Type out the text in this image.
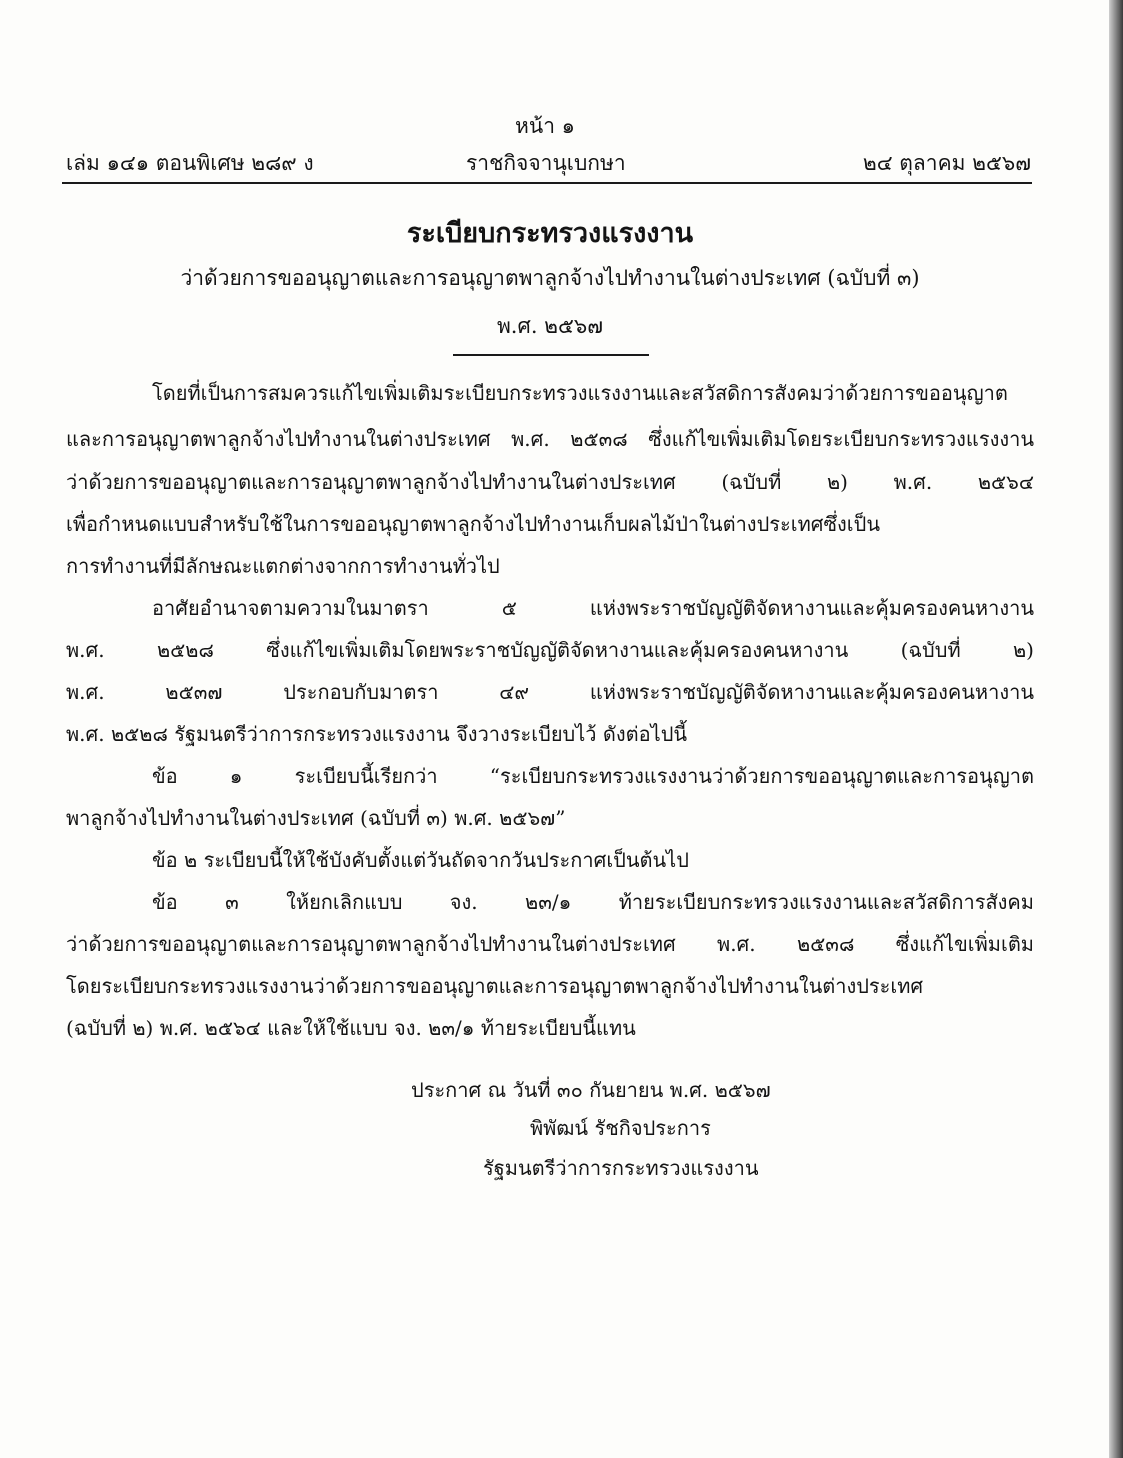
หน้า ๑
เล่ม ๑๔๑ ตอนพิเศษ ๒๘๙ ง	ราชกิจจานุเบกษา	๒๔ ตุลาคม ๒๕๖๗
ระเบียบกระทรวงแรงงาน
ว่าด้วยการขออนุญาตและการอนุญาตพาลูกจ้างไปทำงานในต่างประเทศ (ฉบับที่ ๓)
พ.ศ. ๒๕๖๗
โดยที่เป็นการสมควรแก้ไขเพิ่มเติมระเบียบกระทรวงแรงงานและสวัสดิการสังคมว่าด้วยการขออนุญาต
และการอนุญาตพาลูกจ้างไปทำงานในต่างประเทศ พ.ศ. ๒๕๓๘ ซึ่งแก้ไขเพิ่มเติมโดยระเบียบกระทรวงแรงงาน
ว่าด้วยการขออนุญาตและการอนุญาตพาลูกจ้างไปทำงานในต่างประเทศ (ฉบับที่ ๒) พ.ศ. ๒๕๖๔
เพื่อกำหนดแบบสำหรับใช้ในการขออนุญาตพาลูกจ้างไปทำงานเก็บผลไม้ป่าในต่างประเทศซึ่งเป็น
การทำงานที่มีลักษณะแตกต่างจากการทำงานทั่วไป
อาศัยอำนาจตามความในมาตรา ๕ แห่งพระราชบัญญัติจัดหางานและคุ้มครองคนหางาน
พ.ศ. ๒๕๒๘ ซึ่งแก้ไขเพิ่มเติมโดยพระราชบัญญัติจัดหางานและคุ้มครองคนหางาน (ฉบับที่ ๒)
พ.ศ. ๒๕๓๗ ประกอบกับมาตรา ๔๙ แห่งพระราชบัญญัติจัดหางานและคุ้มครองคนหางาน
พ.ศ. ๒๕๒๘ รัฐมนตรีว่าการกระทรวงแรงงาน จึงวางระเบียบไว้ ดังต่อไปนี้
ข้อ ๑ ระเบียบนี้เรียกว่า “ระเบียบกระทรวงแรงงานว่าด้วยการขออนุญาตและการอนุญาต
พาลูกจ้างไปทำงานในต่างประเทศ (ฉบับที่ ๓) พ.ศ. ๒๕๖๗”
ข้อ ๒ ระเบียบนี้ให้ใช้บังคับตั้งแต่วันถัดจากวันประกาศเป็นต้นไป
ข้อ ๓ ให้ยกเลิกแบบ จง. ๒๓/๑ ท้ายระเบียบกระทรวงแรงงานและสวัสดิการสังคม
ว่าด้วยการขออนุญาตและการอนุญาตพาลูกจ้างไปทำงานในต่างประเทศ พ.ศ. ๒๕๓๘ ซึ่งแก้ไขเพิ่มเติม
โดยระเบียบกระทรวงแรงงานว่าด้วยการขออนุญาตและการอนุญาตพาลูกจ้างไปทำงานในต่างประเทศ
(ฉบับที่ ๒) พ.ศ. ๒๕๖๔ และให้ใช้แบบ จง. ๒๓/๑ ท้ายระเบียบนี้แทน
ประกาศ ณ วันที่ ๓๐ กันยายน พ.ศ. ๒๕๖๗
พิพัฒน์ รัชกิจประการ
รัฐมนตรีว่าการกระทรวงแรงงาน
